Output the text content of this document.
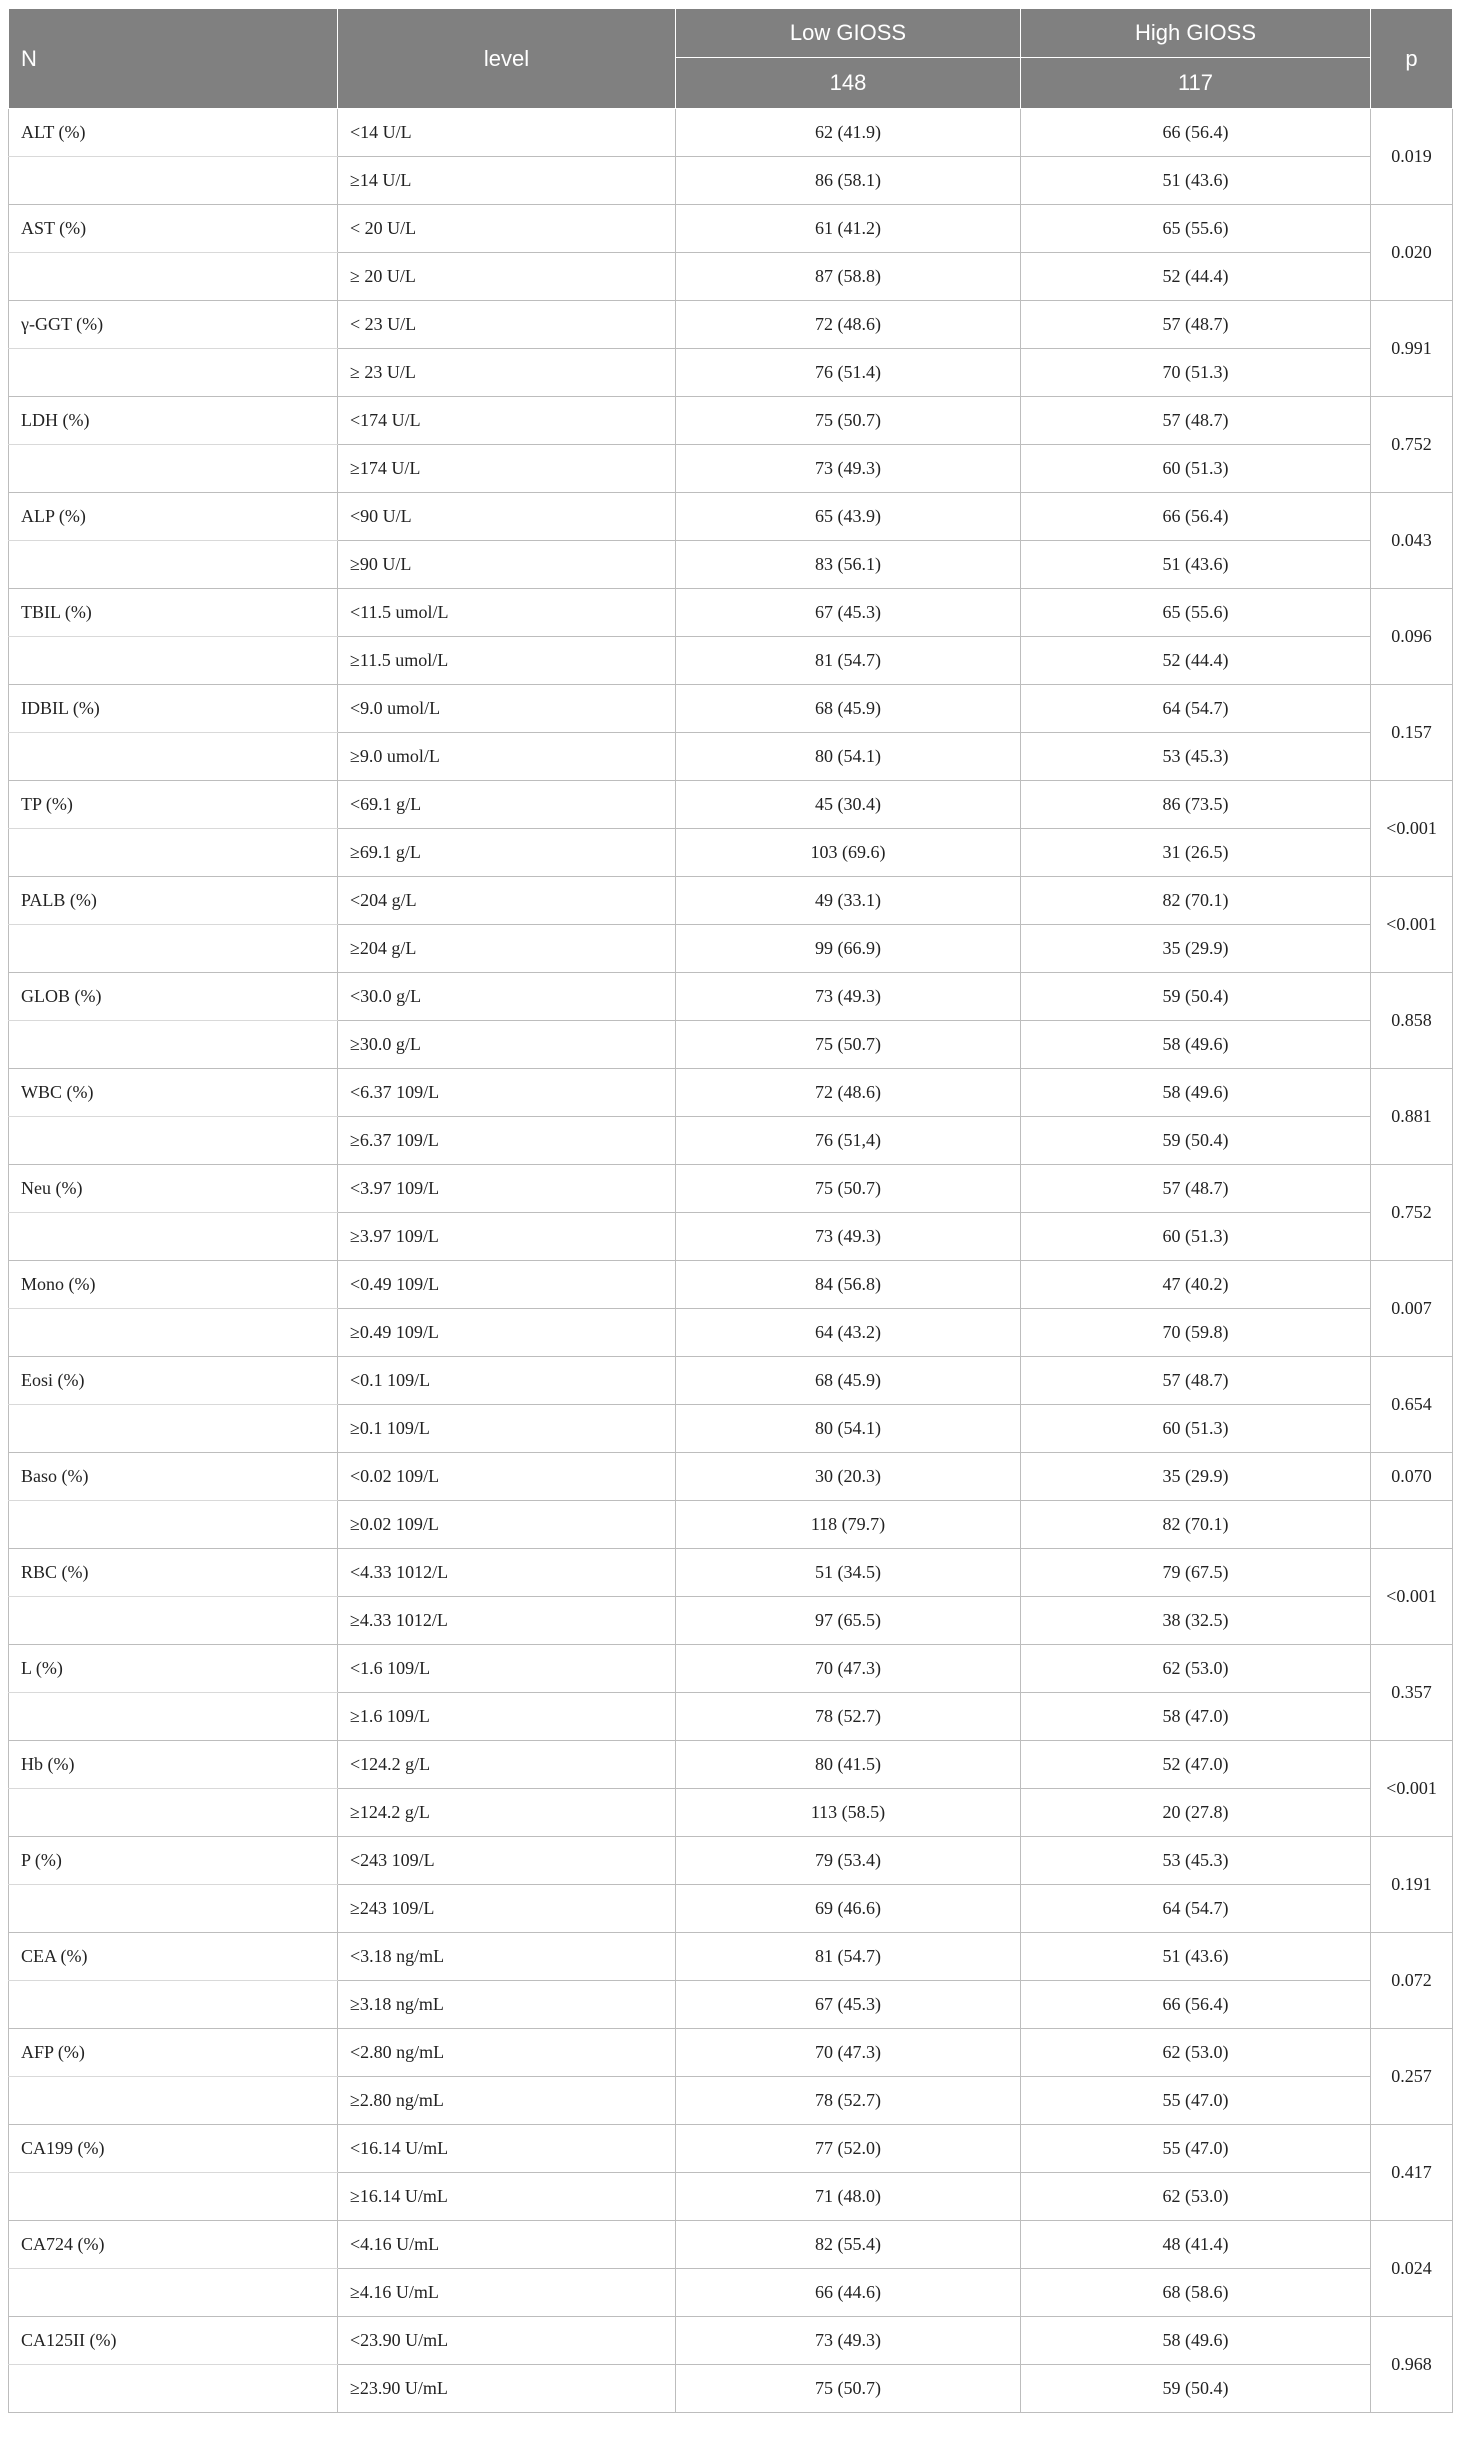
N	level	Low GIOSS	High GIOSS	p
		148	117	
ALT (%)	<14 U/L	62 (41.9)	66 (56.4)	0.019
	≥14 U/L	86 (58.1)	51 (43.6)	
AST (%)	< 20 U/L	61 (41.2)	65 (55.6)	0.020
	≥ 20 U/L	87 (58.8)	52 (44.4)	
γ-GGT (%)	< 23 U/L	72 (48.6)	57 (48.7)	0.991
	≥ 23 U/L	76 (51.4)	70 (51.3)	
LDH (%)	<174 U/L	75 (50.7)	57 (48.7)	0.752
	≥174 U/L	73 (49.3)	60 (51.3)	
ALP (%)	<90 U/L	65 (43.9)	66 (56.4)	0.043
	≥90 U/L	83 (56.1)	51 (43.6)	
TBIL (%)	<11.5 umol/L	67 (45.3)	65 (55.6)	0.096
	≥11.5 umol/L	81 (54.7)	52 (44.4)	
IDBIL (%)	<9.0 umol/L	68 (45.9)	64 (54.7)	0.157
	≥9.0 umol/L	80 (54.1)	53 (45.3)	
TP (%)	<69.1 g/L	45 (30.4)	86 (73.5)	<0.001
	≥69.1 g/L	103 (69.6)	31 (26.5)	
PALB (%)	<204 g/L	49 (33.1)	82 (70.1)	<0.001
	≥204 g/L	99 (66.9)	35 (29.9)	
GLOB (%)	<30.0 g/L	73 (49.3)	59 (50.4)	0.858
	≥30.0 g/L	75 (50.7)	58 (49.6)	
WBC (%)	<6.37 109/L	72 (48.6)	58 (49.6)	0.881
	≥6.37 109/L	76 (51,4)	59 (50.4)	
Neu (%)	<3.97 109/L	75 (50.7)	57 (48.7)	0.752
	≥3.97 109/L	73 (49.3)	60 (51.3)	
Mono (%)	<0.49 109/L	84 (56.8)	47 (40.2)	0.007
	≥0.49 109/L	64 (43.2)	70 (59.8)	
Eosi (%)	<0.1 109/L	68 (45.9)	57 (48.7)	0.654
	≥0.1 109/L	80 (54.1)	60 (51.3)	
Baso (%)	<0.02 109/L	30 (20.3)	35 (29.9)	0.070
	≥0.02 109/L	118 (79.7)	82 (70.1)	
RBC (%)	<4.33 1012/L	51 (34.5)	79 (67.5)	<0.001
	≥4.33 1012/L	97 (65.5)	38 (32.5)	
L (%)	<1.6 109/L	70 (47.3)	62 (53.0)	0.357
	≥1.6 109/L	78 (52.7)	58 (47.0)	
Hb (%)	<124.2 g/L	80 (41.5)	52 (47.0)	<0.001
	≥124.2 g/L	113 (58.5)	20 (27.8)	
P (%)	<243 109/L	79 (53.4)	53 (45.3)	0.191
	≥243 109/L	69 (46.6)	64 (54.7)	
CEA (%)	<3.18 ng/mL	81 (54.7)	51 (43.6)	0.072
	≥3.18 ng/mL	67 (45.3)	66 (56.4)	
AFP (%)	<2.80 ng/mL	70 (47.3)	62 (53.0)	0.257
	≥2.80 ng/mL	78 (52.7)	55 (47.0)	
CA199 (%)	<16.14 U/mL	77 (52.0)	55 (47.0)	0.417
	≥16.14 U/mL	71 (48.0)	62 (53.0)	
CA724 (%)	<4.16 U/mL	82 (55.4)	48 (41.4)	0.024
	≥4.16 U/mL	66 (44.6)	68 (58.6)	
CA125II (%)	<23.90 U/mL	73 (49.3)	58 (49.6)	0.968
	≥23.90 U/mL	75 (50.7)	59 (50.4)	
